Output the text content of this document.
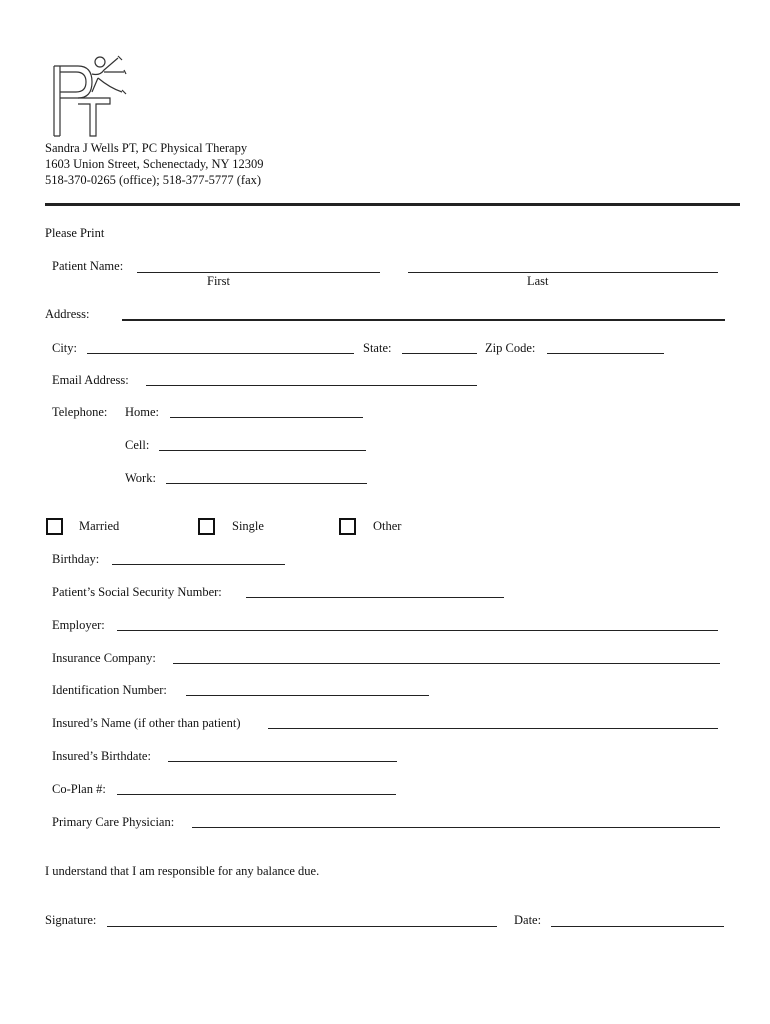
Sandra J Wells PT, PC Physical Therapy
1603 Union Street, Schenectady, NY 12309
518-370-0265 (office); 518-377-5777 (fax)
Please Print
Patient Name:
First	Last
Address:
City:	State:	Zip Code:
Email Address:
Telephone: Home:
Cell:
Work:
Married	Single	Other
Birthday:
Patient’s Social Security Number:
Employer:
Insurance Company:
Identification Number:
Insured’s Name (if other than patient)
Insured’s Birthdate:
Co-Plan #:
Primary Care Physician:
I understand that I am responsible for any balance due.
Signature:	Date:
